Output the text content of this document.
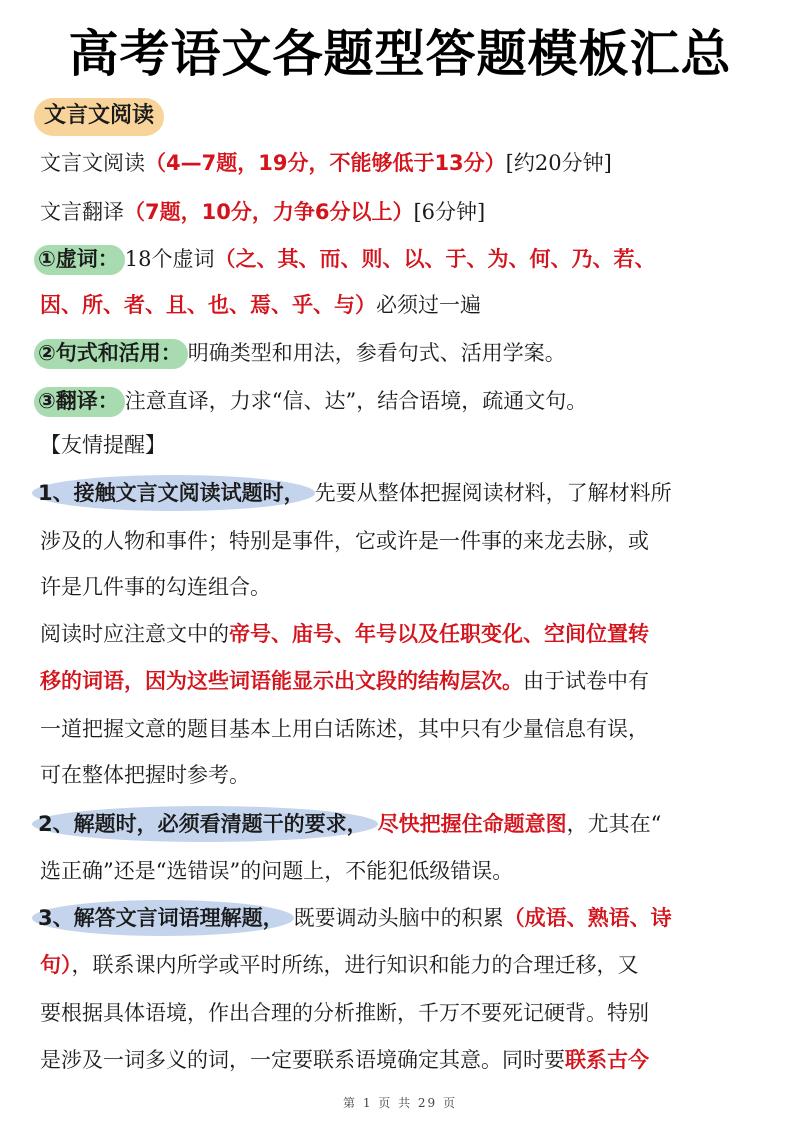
高考语文各题型答题模板汇总
文言文阅读
文言文阅读（4—7题，19分，不能够低于13分）[约20分钟]
文言翻译（7题，10分，力争6分以上）[6分钟]
①虚词： 18个虚词（之、其、而、则、以、于、为、何、乃、若、
因、所、者、且、也、焉、乎、与）必须过一遍
②句式和活用： 明确类型和用法，参看句式、活用学案。
③翻译： 注意直译，力求“信、达”，结合语境，疏通文句。
【友情提醒】
1、接触文言文阅读试题时， 先要从整体把握阅读材料，了解材料所
涉及的人物和事件；特别是事件，它或许是一件事的来龙去脉，或
许是几件事的勾连组合。
阅读时应注意文中的帝号、庙号、年号以及任职变化、空间位置转
移的词语，因为这些词语能显示出文段的结构层次。由于试卷中有
一道把握文意的题目基本上用白话陈述，其中只有少量信息有误，
可在整体把握时参考。
2、解题时，必须看清题干的要求， 尽快把握住命题意图，尤其在“
选正确”还是“选错误”的问题上，不能犯低级错误。
3、解答文言词语理解题， 既要调动头脑中的积累（成语、熟语、诗
句），联系课内所学或平时所练，进行知识和能力的合理迁移，又
要根据具体语境，作出合理的分析推断，千万不要死记硬背。特别
是涉及一词多义的词，一定要联系语境确定其意。同时要联系古今
第 1 页 共 29 页
